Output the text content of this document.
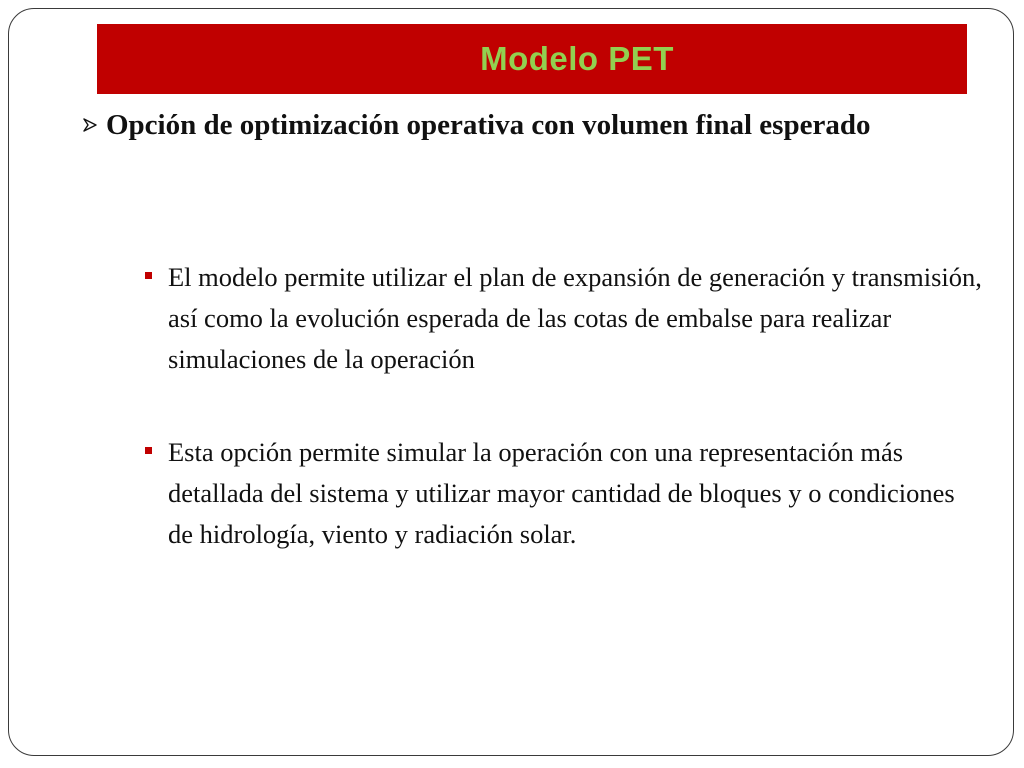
Modelo PET
Opción de optimización operativa con volumen final esperado
El modelo permite utilizar el plan de expansión de generación y transmisión, así como la evolución esperada de las cotas de embalse para realizar simulaciones de la operación
Esta opción permite simular la operación con una representación más detallada del sistema y utilizar mayor cantidad de bloques y o condiciones de hidrología, viento y radiación solar.
